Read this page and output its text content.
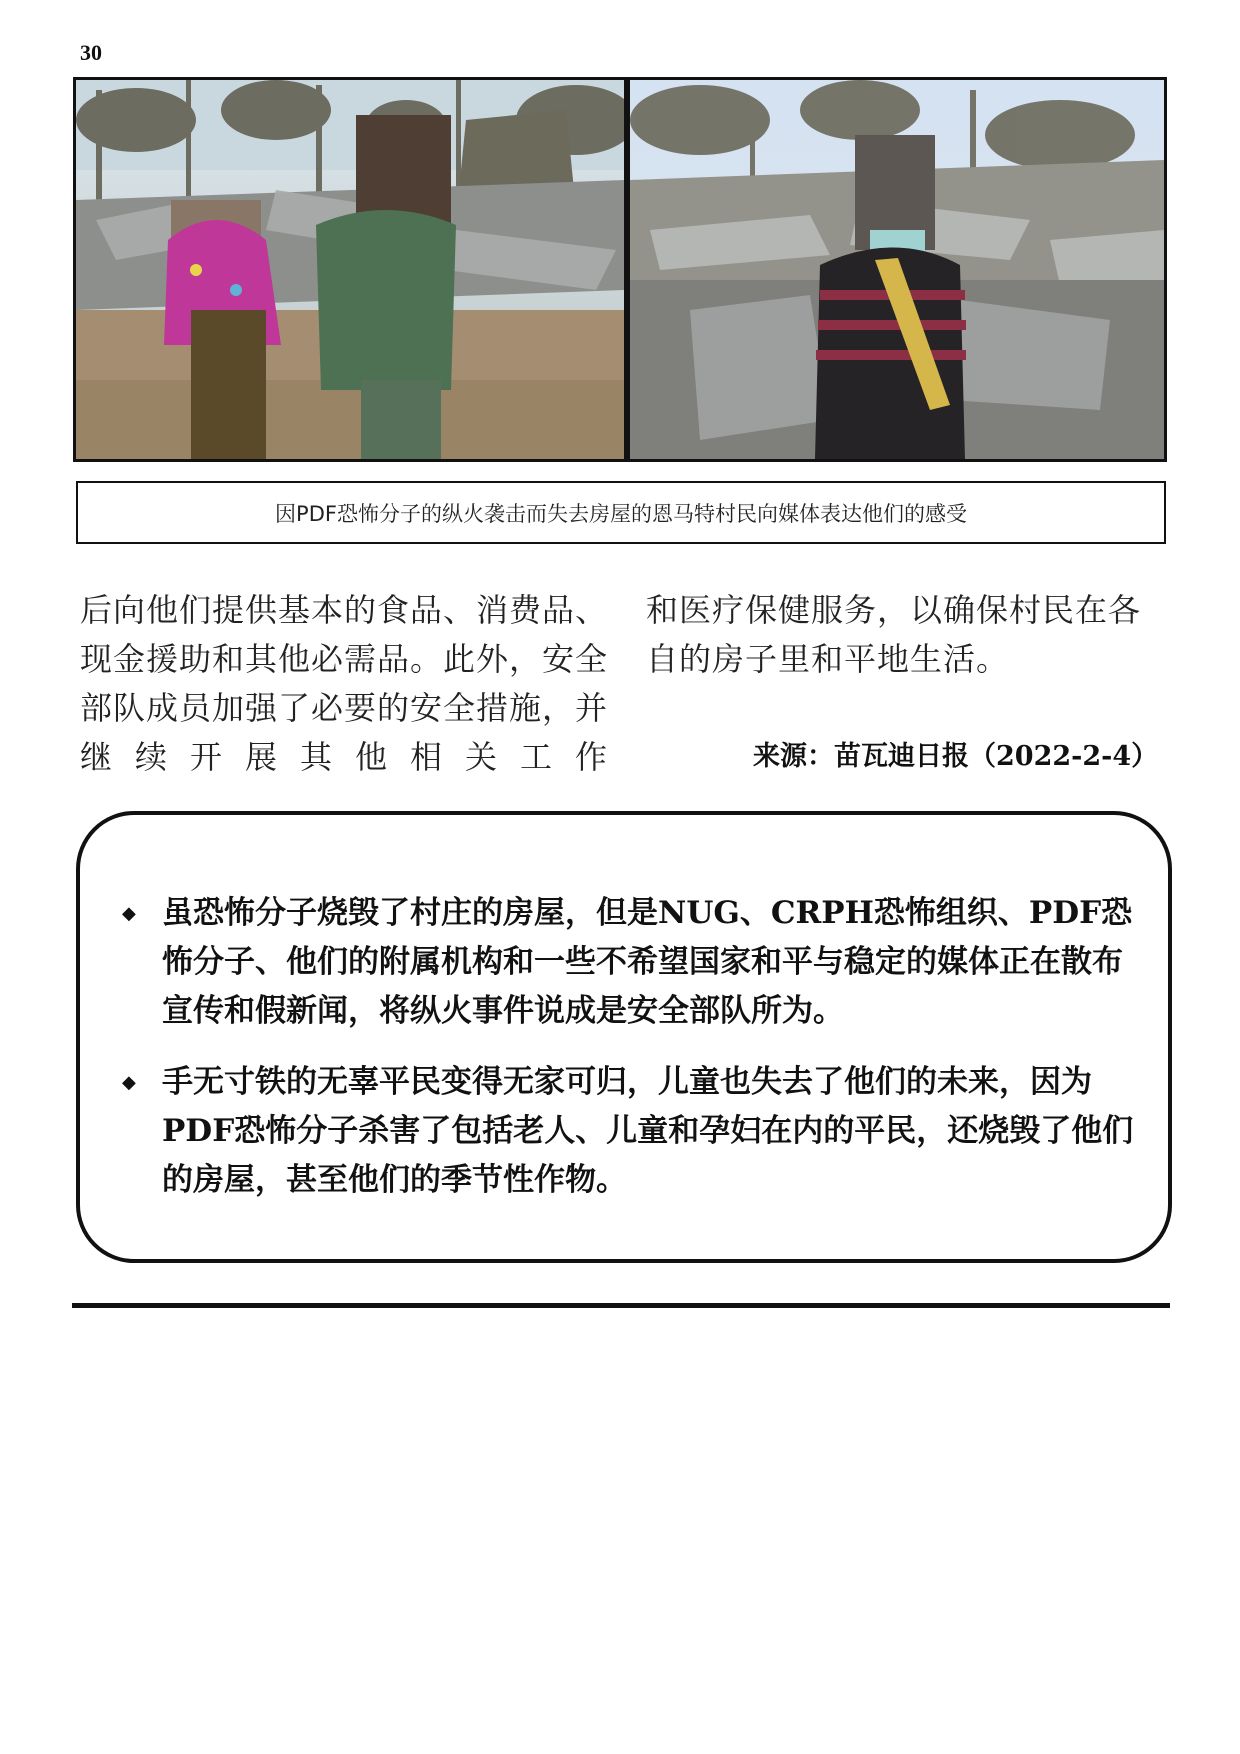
30
因PDF恐怖分子的纵火袭击而失去房屋的恩马特村民向媒体表达他们的感受

后向他们提供基本的食品、消费品、现金援助和其他必需品。此外，安全部队成员加强了必要的安全措施，并继续开展其他相关工作

和医疗保健服务，以确保村民在各自的房子里和平地生活。

来源：苗瓦迪日报（2022-2-4）
◆ 虽恐怖分子烧毁了村庄的房屋，但是NUG、CRPH恐怖组织、PDF恐怖分子、他们的附属机构和一些不希望国家和平与稳定的媒体正在散布宣传和假新闻，将纵火事件说成是安全部队所为。
◆ 手无寸铁的无辜平民变得无家可归，儿童也失去了他们的未来，因为PDF恐怖分子杀害了包括老人、儿童和孕妇在内的平民，还烧毁了他们的房屋，甚至他们的季节性作物。
